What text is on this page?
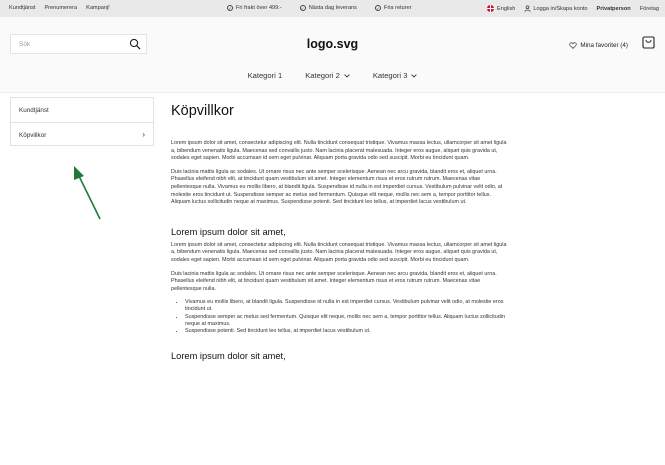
Kundtjänst Prenumerera Kampanj!	✓ Fri frakt över 499:-	✓ Nästa dag leverans	✓ Fria returer	English	Logga in/Skapa konto Privatperson Företag
Sök	logo.svg	Mina favoriter (4)
Kategori 1	Kategori 2	Kategori 3
Kundtjänst
Köpvillkor	›
Köpvillkor

Lorem ipsum dolor sit amet, consectetur adipiscing elit. Nulla tincidunt consequat tristique. Vivamus massa lectus, ullamcorper sit amet ligula a, bibendum venenatis ligula. Maecenas sed convallis justo. Nam lacinia placerat malesuada. Integer eros augue, aliquet quis gravida ut, sodales eget sapien. Morbi accumsan id sem eget pulvinar. Aliquam porta gravida odio sed suscipit. Morbi eu tincidunt quam.

Duis lacinia mattis ligula ac sodales. Ut ornare risus nec ante semper scelerisque. Aenean nec arcu gravida, blandit eros et, aliquet urna. Phasellus eleifend nibh elit, at tincidunt quam vestibulum sit amet. Integer elementum risus et eros rutrum rutrum. Maecenas vitae pellentesque nulla. Vivamus eu mollis libero, at blandit ligula. Suspendisse id nulla in est imperdiet cursus. Vestibulum pulvinar velit odio, at molestie eros tincidunt ut. Suspendisse semper ac metus sed fermentum. Quisque elit neque, mollis nec sem a, tempor porttitor tellus. Aliquam luctus sollicitudin neque at maximus. Suspendisse potenti. Sed tincidunt leo tellus, at imperdiet lacus vestibulum ut.

Lorem ipsum dolor sit amet,

Lorem ipsum dolor sit amet, consectetur adipiscing elit. Nulla tincidunt consequat tristique. Vivamus massa lectus, ullamcorper sit amet ligula a, bibendum venenatis ligula. Maecenas sed convallis justo. Nam lacinia placerat malesuada. Integer eros augue, aliquet quis gravida ut, sodales eget sapien. Morbi accumsan id sem eget pulvinar. Aliquam porta gravida odio sed suscipit. Morbi eu tincidunt quam.

Duis lacinia mattis ligula ac sodales. Ut ornare risus nec ante semper scelerisque. Aenean nec arcu gravida, blandit eros et, aliquet urna. Phasellus eleifend nibh elit, at tincidunt quam vestibulum sit amet. Integer elementum risus et eros rutrum rutrum. Maecenas vitae pellentesque nulla.

• Vivamus eu mollis libero, at blandit ligula. Suspendisse id nulla in est imperdiet cursus. Vestibulum pulvinar velit odio, at molestie eros tincidunt ut.
• Suspendisse semper ac metus sed fermentum. Quisque elit neque, mollis nec sem a, tempor porttitor tellus. Aliquam luctus sollicitudin neque at maximus.
• Suspendisse potenti. Sed tincidunt leo tellus, at imperdiet lacus vestibulum ut.
Lorem ipsum dolor sit amet,
